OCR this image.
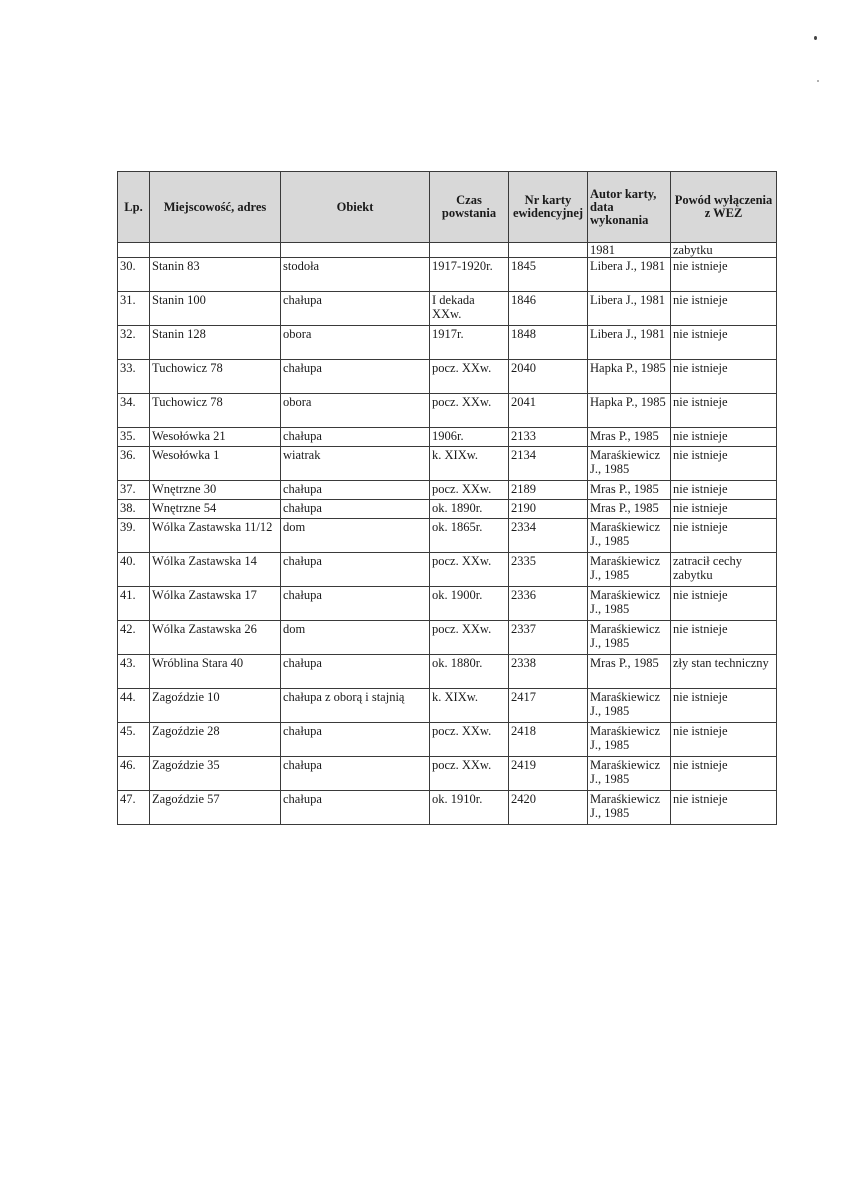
Lp.	Miejscowość, adres	Obiekt	Czas powstania	Nr karty ewidencyjnej	Autor karty, data wykonania	Powód wyłączenia z WEZ
					1981	zabytku
30.	Stanin 83	stodoła	1917-1920r.	1845	Libera J., 1981	nie istnieje
31.	Stanin 100	chałupa	I dekada XXw.	1846	Libera J., 1981	nie istnieje
32.	Stanin 128	obora	1917r.	1848	Libera J., 1981	nie istnieje
33.	Tuchowicz 78	chałupa	pocz. XXw.	2040	Hapka P., 1985	nie istnieje
34.	Tuchowicz 78	obora	pocz. XXw.	2041	Hapka P., 1985	nie istnieje
35.	Wesołówka 21	chałupa	1906r.	2133	Mras P., 1985	nie istnieje
36.	Wesołówka 1	wiatrak	k. XIXw.	2134	Maraśkiewicz J., 1985	nie istnieje
37.	Wnętrzne 30	chałupa	pocz. XXw.	2189	Mras P., 1985	nie istnieje
38.	Wnętrzne 54	chałupa	ok. 1890r.	2190	Mras P., 1985	nie istnieje
39.	Wólka Zastawska 11/12	dom	ok. 1865r.	2334	Maraśkiewicz J., 1985	nie istnieje
40.	Wólka Zastawska 14	chałupa	pocz. XXw.	2335	Maraśkiewicz J., 1985	zatracił cechy zabytku
41.	Wólka Zastawska 17	chałupa	ok. 1900r.	2336	Maraśkiewicz J., 1985	nie istnieje
42.	Wólka Zastawska 26	dom	pocz. XXw.	2337	Maraśkiewicz J., 1985	nie istnieje
43.	Wróblina Stara 40	chałupa	ok. 1880r.	2338	Mras P., 1985	zły stan techniczny
44.	Zagoździe 10	chałupa z oborą i stajnią	k. XIXw.	2417	Maraśkiewicz J., 1985	nie istnieje
45.	Zagoździe 28	chałupa	pocz. XXw.	2418	Maraśkiewicz J., 1985	nie istnieje
46.	Zagoździe 35	chałupa	pocz. XXw.	2419	Maraśkiewicz J., 1985	nie istnieje
47.	Zagoździe 57	chałupa	ok. 1910r.	2420	Maraśkiewicz J., 1985	nie istnieje
